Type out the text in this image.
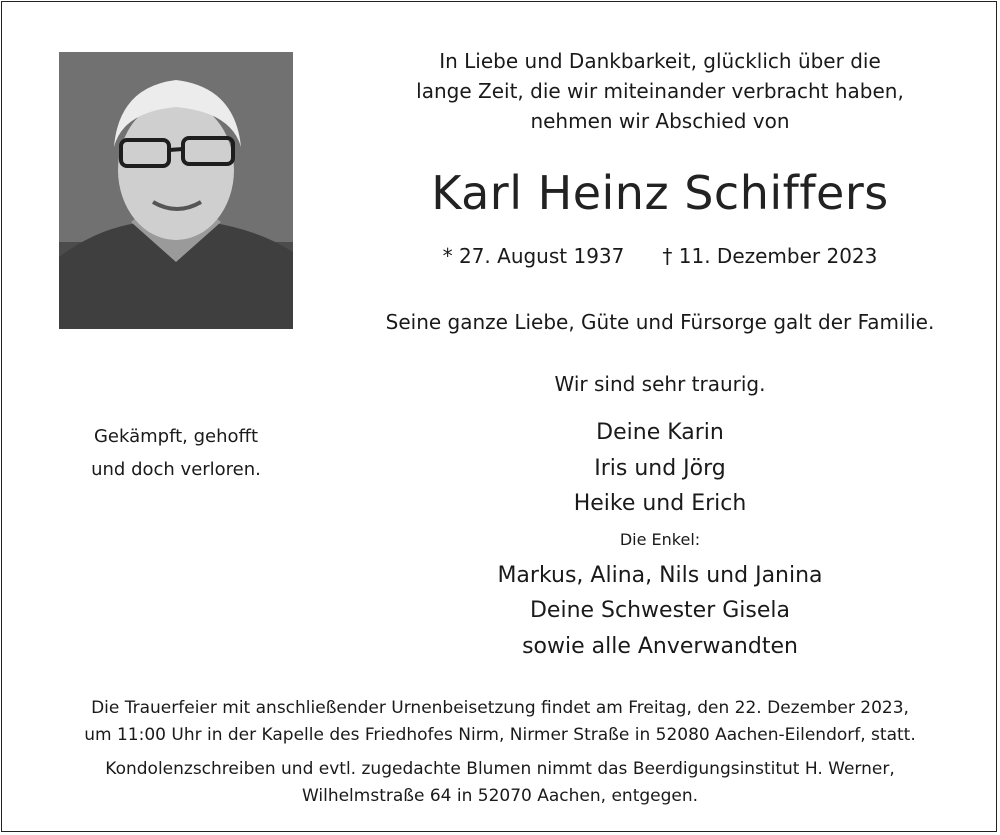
In Liebe und Dankbarkeit, glücklich über die
lange Zeit, die wir miteinander verbracht haben,
nehmen wir Abschied von
Karl Heinz Schiffers
* 27. August 1937 † 11. Dezember 2023
Seine ganze Liebe, Güte und Fürsorge galt der Familie.
Wir sind sehr traurig.
Deine Karin
Iris und Jörg
Heike und Erich
Die Enkel:
Markus, Alina, Nils und Janina
Deine Schwester Gisela
sowie alle Anverwandten
Gekämpft, gehofft
und doch verloren.
Die Trauerfeier mit anschließender Urnenbeisetzung findet am Freitag, den 22. Dezember 2023,
um 11:00 Uhr in der Kapelle des Friedhofes Nirm, Nirmer Straße in 52080 Aachen-Eilendorf, statt.
Kondolenzschreiben und evtl. zugedachte Blumen nimmt das Beerdigungsinstitut H. Werner,
Wilhelmstraße 64 in 52070 Aachen, entgegen.
